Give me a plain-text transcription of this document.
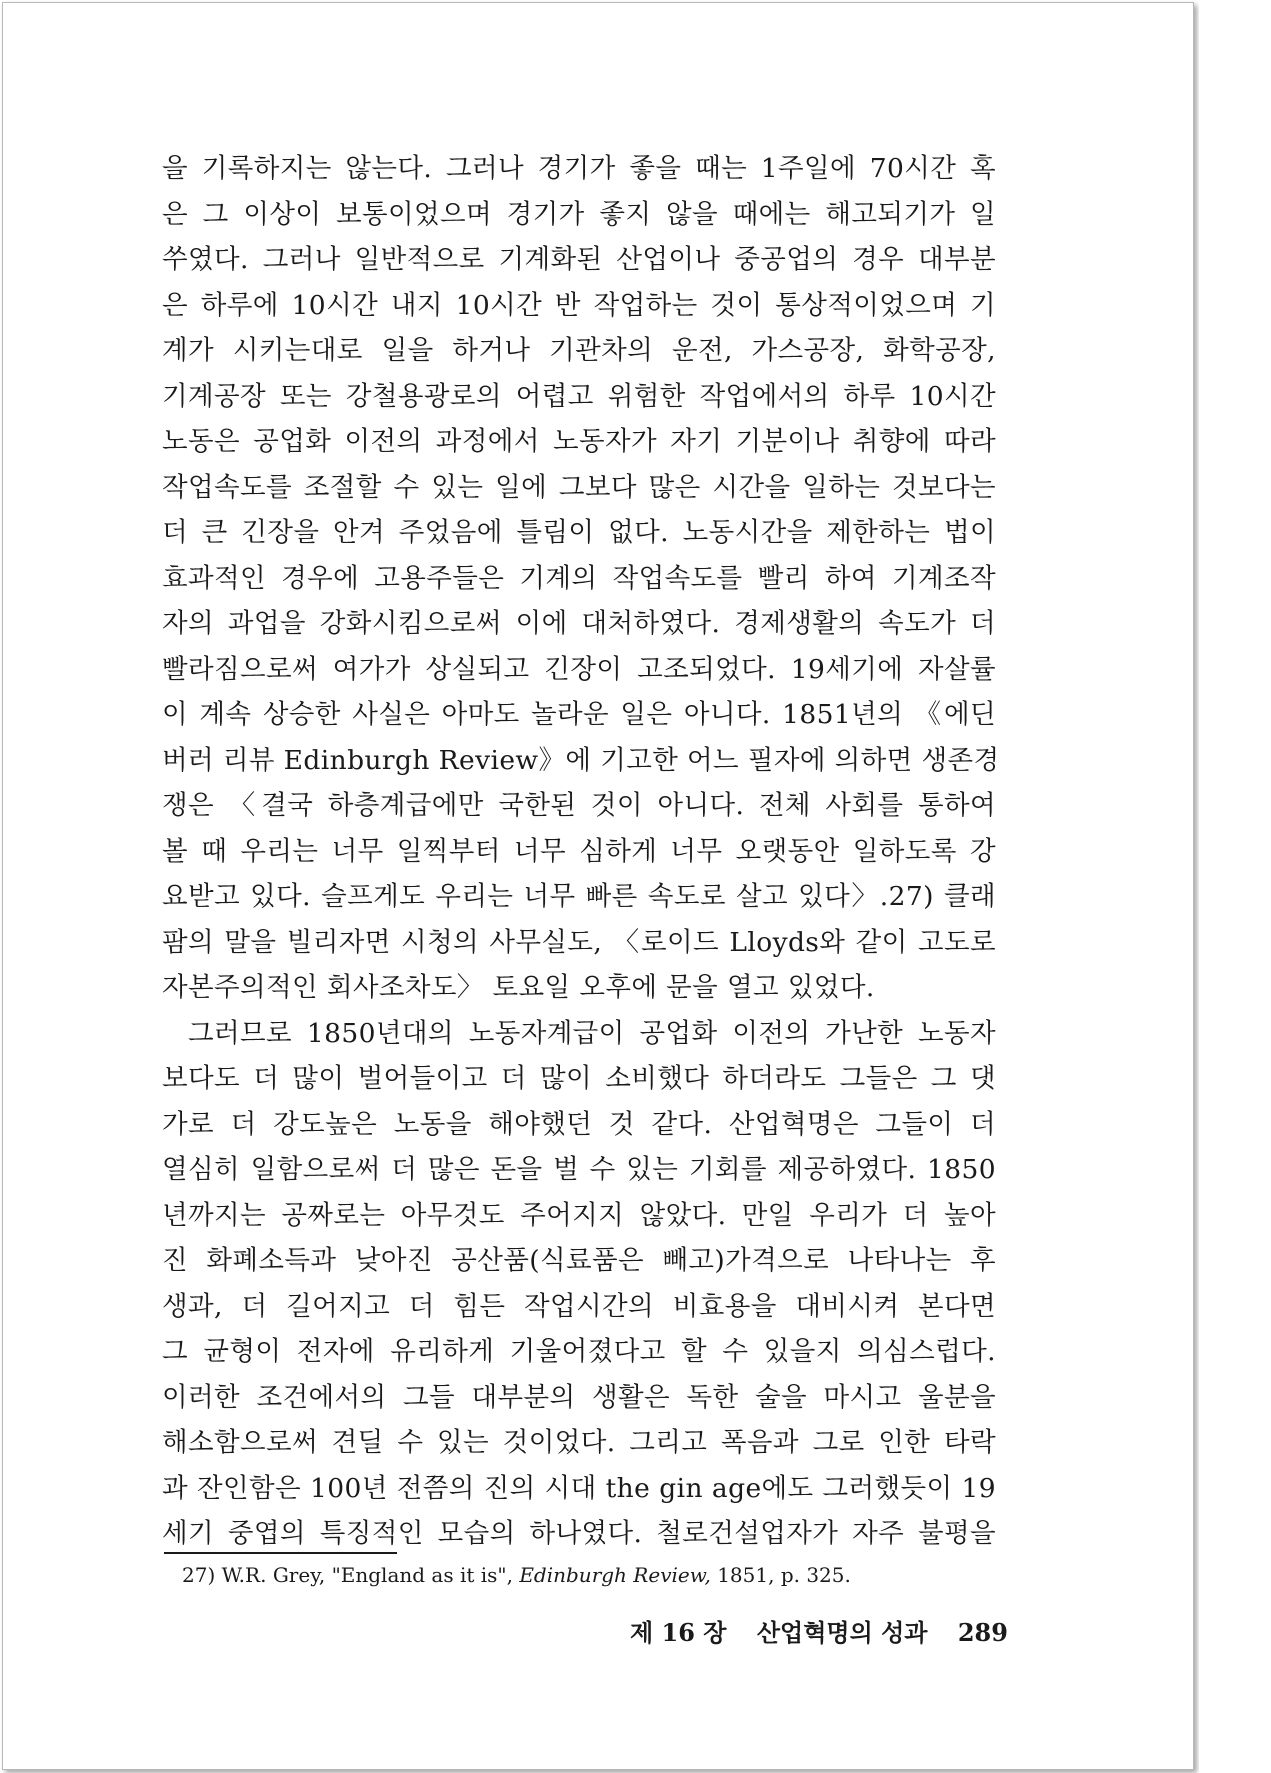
을 기록하지는 않는다. 그러나 경기가 좋을 때는 1주일에 70시간 혹
은 그 이상이 보통이었으며 경기가 좋지 않을 때에는 해고되기가 일
쑤였다. 그러나 일반적으로 기계화된 산업이나 중공업의 경우 대부분
은 하루에 10시간 내지 10시간 반 작업하는 것이 통상적이었으며 기
계가 시키는대로 일을 하거나 기관차의 운전, 가스공장, 화학공장,
기계공장 또는 강철용광로의 어렵고 위험한 작업에서의 하루 10시간
노동은 공업화 이전의 과정에서 노동자가 자기 기분이나 취향에 따라
작업속도를 조절할 수 있는 일에 그보다 많은 시간을 일하는 것보다는
더 큰 긴장을 안겨 주었음에 틀림이 없다. 노동시간을 제한하는 법이
효과적인 경우에 고용주들은 기계의 작업속도를 빨리 하여 기계조작
자의 과업을 강화시킴으로써 이에 대처하였다. 경제생활의 속도가 더
빨라짐으로써 여가가 상실되고 긴장이 고조되었다. 19세기에 자살률
이 계속 상승한 사실은 아마도 놀라운 일은 아니다. 1851년의 《에딘
버러 리뷰 Edinburgh Review》에 기고한 어느 필자에 의하면 생존경
쟁은 〈결국 하층계급에만 국한된 것이 아니다. 전체 사회를 통하여
볼 때 우리는 너무 일찍부터 너무 심하게 너무 오랫동안 일하도록 강
요받고 있다. 슬프게도 우리는 너무 빠른 속도로 살고 있다〉.27) 클래
팜의 말을 빌리자면 시청의 사무실도, 〈로이드 Lloyds와 같이 고도로
자본주의적인 회사조차도〉 토요일 오후에 문을 열고 있었다.
그러므로 1850년대의 노동자계급이 공업화 이전의 가난한 노동자
보다도 더 많이 벌어들이고 더 많이 소비했다 하더라도 그들은 그 댓
가로 더 강도높은 노동을 해야했던 것 같다. 산업혁명은 그들이 더
열심히 일함으로써 더 많은 돈을 벌 수 있는 기회를 제공하였다. 1850
년까지는 공짜로는 아무것도 주어지지 않았다. 만일 우리가 더 높아
진 화폐소득과 낮아진 공산품(식료품은 빼고)가격으로 나타나는 후
생과, 더 길어지고 더 힘든 작업시간의 비효용을 대비시켜 본다면
그 균형이 전자에 유리하게 기울어졌다고 할 수 있을지 의심스럽다.
이러한 조건에서의 그들 대부분의 생활은 독한 술을 마시고 울분을
해소함으로써 견딜 수 있는 것이었다. 그리고 폭음과 그로 인한 타락
과 잔인함은 100년 전쯤의 진의 시대 the gin age에도 그러했듯이 19
세기 중엽의 특징적인 모습의 하나였다. 철로건설업자가 자주 불평을
27) W.R. Grey, "England as it is", Edinburgh Review, 1851, p. 325.
제 16 장 산업혁명의 성과 289
